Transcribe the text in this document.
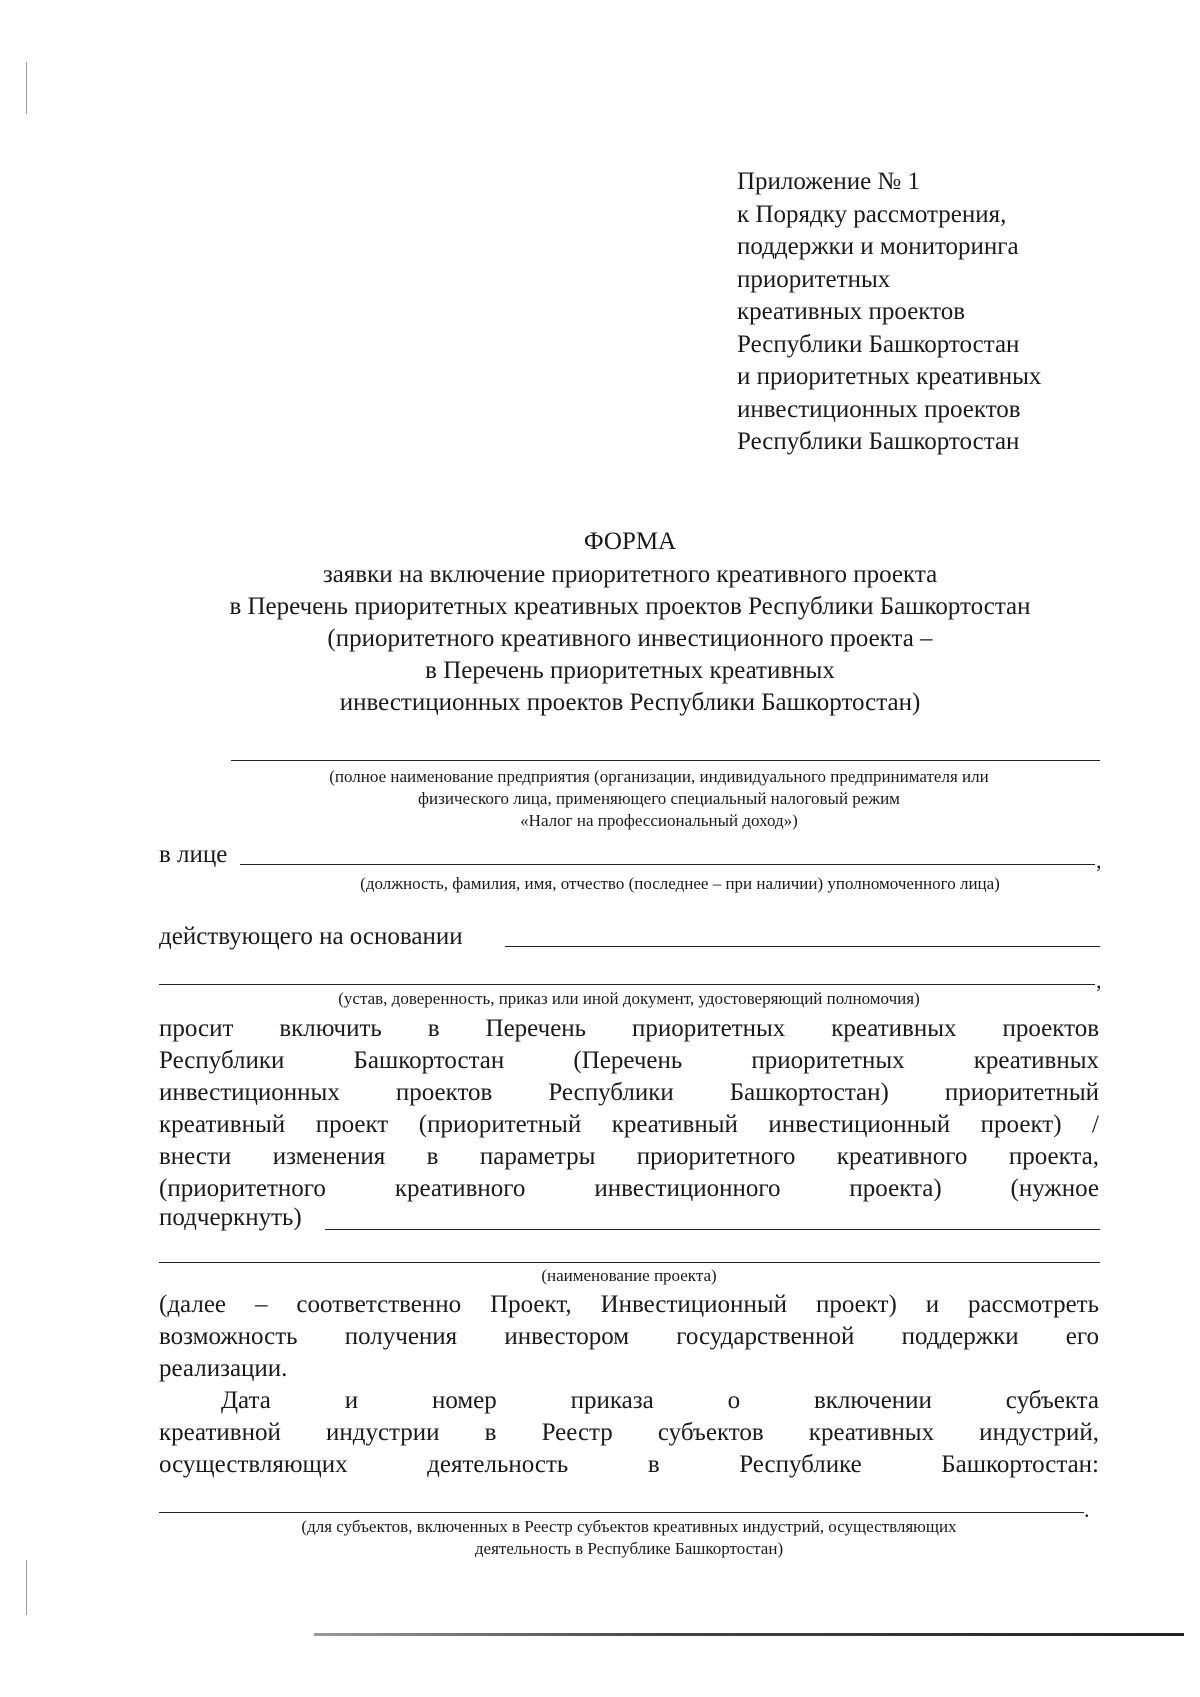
Приложение № 1
к Порядку рассмотрения,
поддержки и мониторинга
приоритетных
креативных проектов
Республики Башкортостан
и приоритетных креативных
инвестиционных проектов
Республики Башкортостан
ФОРМА
заявки на включение приоритетного креативного проекта
в Перечень приоритетных креативных проектов Республики Башкортостан
(приоритетного креативного инвестиционного проекта –
в Перечень приоритетных креативных
инвестиционных проектов Республики Башкортостан)
(полное наименование предприятия (организации, индивидуального предпринимателя или
физического лица, применяющего специальный налоговый режим
«Налог на профессиональный доход»)
в лице	,
(должность, фамилия, имя, отчество (последнее – при наличии) уполномоченного лица)
действующего на основании
,
(устав, доверенность, приказ или иной документ, удостоверяющий полномочия)
просит включить в Перечень приоритетных креативных проектов
Республики Башкортостан (Перечень приоритетных креативных
инвестиционных проектов Республики Башкортостан) приоритетный
креативный проект (приоритетный креативный инвестиционный проект) /
внести изменения в параметры приоритетного креативного проекта,
(приоритетного креативного инвестиционного проекта) (нужное
подчеркнуть)
(наименование проекта)
(далее – соответственно Проект, Инвестиционный проект) и рассмотреть
возможность получения инвестором государственной поддержки его
реализации.
Дата и номер приказа о включении субъекта
креативной индустрии в Реестр субъектов креативных индустрий,
осуществляющих деятельность в Республике Башкортостан:
.
(для субъектов, включенных в Реестр субъектов креативных индустрий, осуществляющих
деятельность в Республике Башкортостан)
